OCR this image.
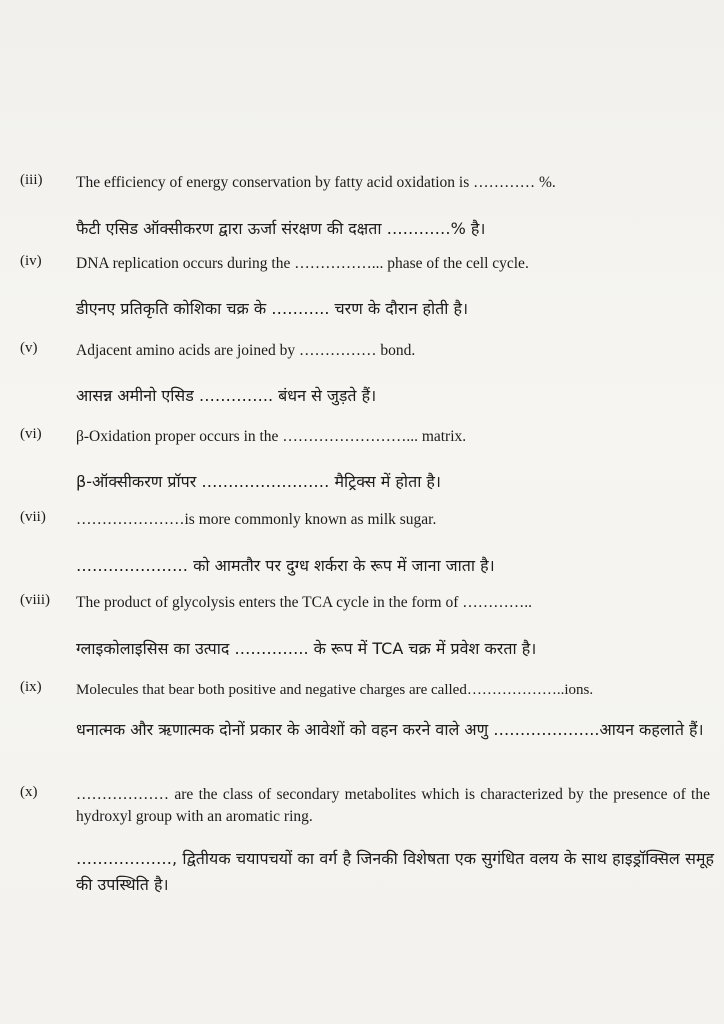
(iii) The efficiency of energy conservation by fatty acid oxidation is ………… %.
फैटी एसिड ऑक्सीकरण द्वारा ऊर्जा संरक्षण की दक्षता …………% है।
(iv) DNA replication occurs during the ……………... phase of the cell cycle.
डीएनए प्रतिकृति कोशिका चक्र के ……….. चरण के दौरान होती है।
(v) Adjacent amino acids are joined by …………… bond.
आसन्न अमीनो एसिड ………….. बंधन से जुड़ते हैं।
(vi) β-Oxidation proper occurs in the ……………………... matrix.
β-ऑक्सीकरण प्रॉपर …………………… मैट्रिक्स में होता है।
(vii) …………………is more commonly known as milk sugar.
………………… को आमतौर पर दुग्ध शर्करा के रूप में जाना जाता है।
(viii) The product of glycolysis enters the TCA cycle in the form of …………..
ग्लाइकोलाइसिस का उत्पाद ………….. के रूप में TCA चक्र में प्रवेश करता है।
(ix) Molecules that bear both positive and negative charges are called………………..ions.
धनात्मक और ऋणात्मक दोनों प्रकार के आवेशों को वहन करने वाले अणु ………………..आयन कहलाते हैं।
(x) ……………… are the class of secondary metabolites which is characterized by the presence of the hydroxyl group with an aromatic ring.
………………, द्वितीयक चयापचयों का वर्ग है जिनकी विशेषता एक सुगंधित वलय के साथ हाइड्रॉक्सिल समूह की उपस्थिति है।
